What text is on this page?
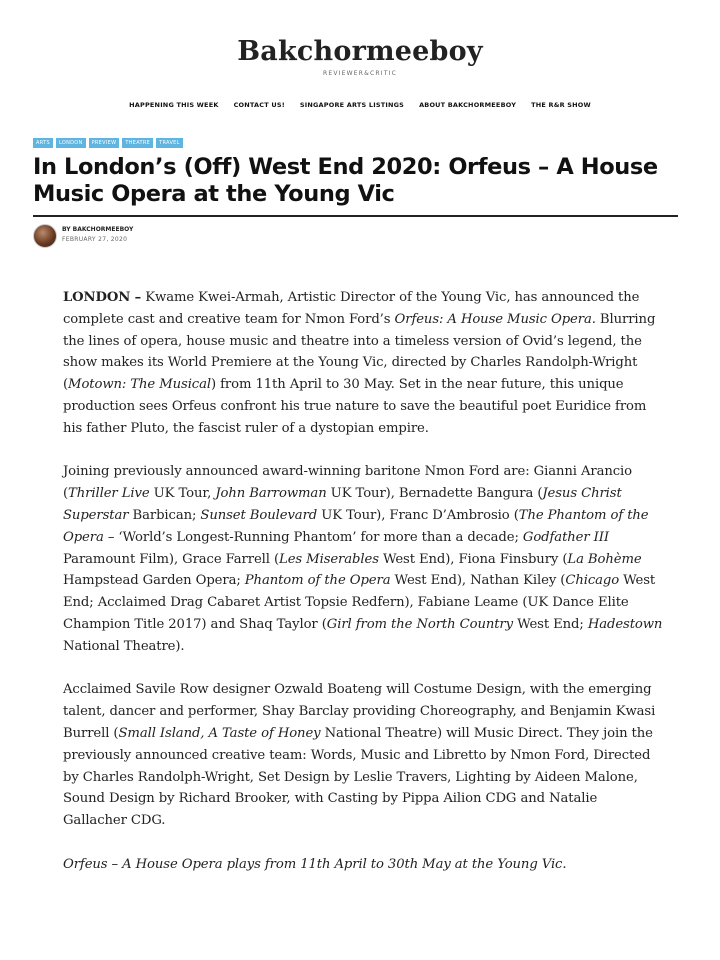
Bakchormeeboy
REVIEWER&CRITIC
HAPPENING THIS WEEK CONTACT US! SINGAPORE ARTS LISTINGS ABOUT BAKCHORMEEBOY THE R&R SHOW
ARTS	LONDON	PREVIEW	THEATRE	TRAVEL
In London’s (Off) West End 2020: Orfeus – A House Music Opera at the Young Vic
BY BAKCHORMEEBOY
FEBRUARY 27, 2020

LONDON – Kwame Kwei-Armah, Artistic Director of the Young Vic, has announced the complete cast and creative team for Nmon Ford’s Orfeus: A House Music Opera. Blurring the lines of opera, house music and theatre into a timeless version of Ovid’s legend, the show makes its World Premiere at the Young Vic, directed by Charles Randolph-Wright (Motown: The Musical) from 11th April to 30 May. Set in the near future, this unique production sees Orfeus confront his true nature to save the beautiful poet Euridice from his father Pluto, the fascist ruler of a dystopian empire.

Joining previously announced award-winning baritone Nmon Ford are: Gianni Arancio (Thriller Live UK Tour, John Barrowman UK Tour), Bernadette Bangura (Jesus Christ Superstar Barbican; Sunset Boulevard UK Tour), Franc D’Ambrosio (The Phantom of the Opera – ‘World’s Longest-Running Phantom’ for more than a decade; Godfather III Paramount Film), Grace Farrell (Les Miserables West End), Fiona Finsbury (La Bohème Hampstead Garden Opera; Phantom of the Opera West End), Nathan Kiley (Chicago West End; Acclaimed Drag Cabaret Artist Topsie Redfern), Fabiane Leame (UK Dance Elite Champion Title 2017) and Shaq Taylor (Girl from the North Country West End; Hadestown National Theatre).

Acclaimed Savile Row designer Ozwald Boateng will Costume Design, with the emerging talent, dancer and performer, Shay Barclay providing Choreography, and Benjamin Kwasi Burrell (Small Island, A Taste of Honey National Theatre) will Music Direct. They join the previously announced creative team: Words, Music and Libretto by Nmon Ford, Directed by Charles Randolph-Wright, Set Design by Leslie Travers, Lighting by Aideen Malone, Sound Design by Richard Brooker, with Casting by Pippa Ailion CDG and Natalie Gallacher CDG.

Orfeus – A House Opera plays from 11th April to 30th May at the Young Vic.
